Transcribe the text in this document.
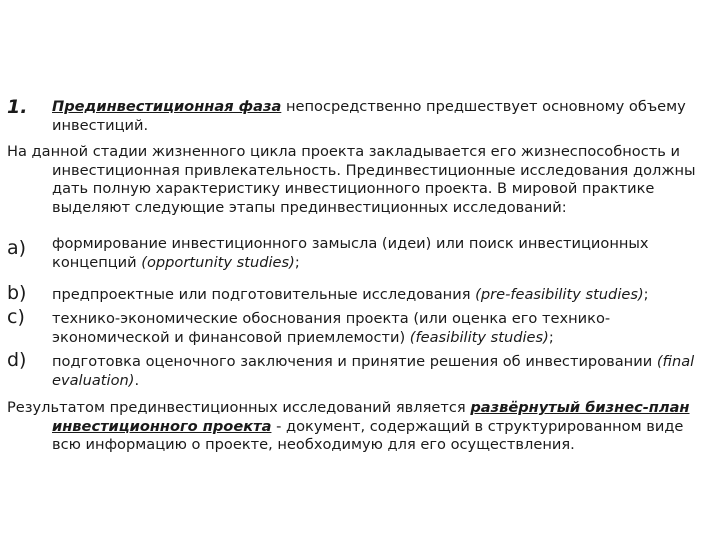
1. Прединвестиционная фаза непосредственно предшествует основному объему инвестиций.
На данной стадии жизненного цикла проекта закладывается его жизнеспособность и инвестиционная привлекательность. Прединвестиционные исследования должны дать полную характеристику инвестиционного проекта. В мировой практике выделяют следующие этапы прединвестиционных исследований:
a) формирование инвестиционного замысла (идеи) или поиск инвестиционных концепций (opportunity studies);
b) предпроектные или подготовительные исследования (pre-feasibility studies);
c) технико-экономические обоснования проекта (или оценка его технико-экономической и финансовой приемлемости) (feasibility studies);
d) подготовка оценочного заключения и принятие решения об инвестировании (final evaluation).
Результатом прединвестиционных исследований является развёрнутый бизнес-план инвестиционного проекта - документ, содержащий в структурированном виде всю информацию о проекте, необходимую для его осуществления.
